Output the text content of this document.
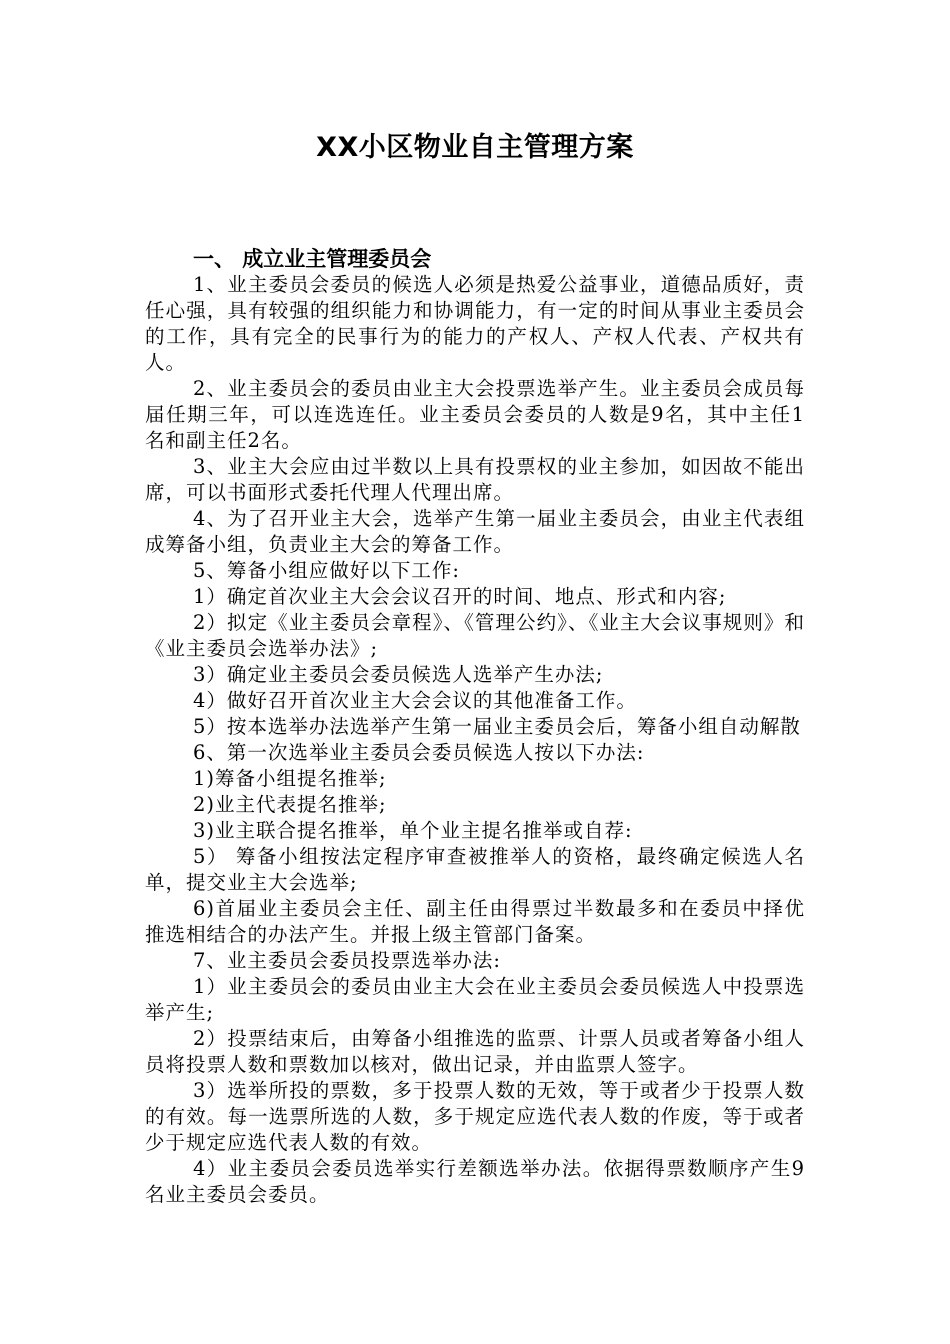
XX小区物业自主管理方案
一、 成立业主管理委员会

1、业主委员会委员的候选人必须是热爱公益事业，道德品质好，责任心强，具有较强的组织能力和协调能力，有一定的时间从事业主委员会的工作，具有完全的民事行为的能力的产权人、产权人代表、产权共有人。

2、业主委员会的委员由业主大会投票选举产生。业主委员会成员每届任期三年，可以连选连任。业主委员会委员的人数是9名，其中主任1名和副主任2名。

3、业主大会应由过半数以上具有投票权的业主参加，如因故不能出席，可以书面形式委托代理人代理出席。

4、为了召开业主大会，选举产生第一届业主委员会，由业主代表组成筹备小组，负责业主大会的筹备工作。

5、筹备小组应做好以下工作:

1）确定首次业主大会会议召开的时间、地点、形式和内容;

2）拟定《业主委员会章程》、《管理公约》、《业主大会议事规则》和《业主委员会选举办法》;

3）确定业主委员会委员候选人选举产生办法;

4）做好召开首次业主大会会议的其他准备工作。

5）按本选举办法选举产生第一届业主委员会后，筹备小组自动解散

6、第一次选举业主委员会委员候选人按以下办法:

1)筹备小组提名推举;

2)业主代表提名推举;

3)业主联合提名推举，单个业主提名推举或自荐:

5） 筹备小组按法定程序审查被推举人的资格，最终确定候选人名单，提交业主大会选举;

6)首届业主委员会主任、副主任由得票过半数最多和在委员中择优推选相结合的办法产生。并报上级主管部门备案。

7、业主委员会委员投票选举办法:

1）业主委员会的委员由业主大会在业主委员会委员候选人中投票选举产生;

2）投票结束后，由筹备小组推选的监票、计票人员或者筹备小组人员将投票人数和票数加以核对，做出记录，并由监票人签字。

3）选举所投的票数，多于投票人数的无效，等于或者少于投票人数的有效。每一选票所选的人数，多于规定应选代表人数的作废，等于或者少于规定应选代表人数的有效。

4）业主委员会委员选举实行差额选举办法。依据得票数顺序产生9名业主委员会委员。
